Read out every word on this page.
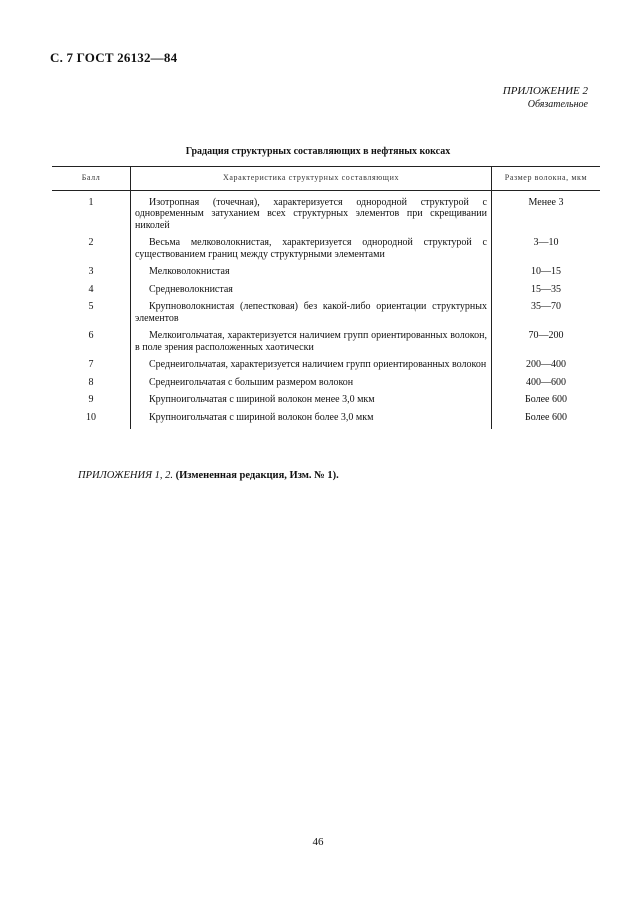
С. 7 ГОСТ 26132—84
ПРИЛОЖЕНИЕ 2
Обязательное
Градация структурных составляющих в нефтяных коксах
Балл	Характеристика структурных составляющих	Размер волокна, мкм
1	Изотропная (точечная), характеризуется однородной структурой с одновременным затуханием всех структурных элементов при скрещивании николей	Менее 3
2	Весьма мелковолокнистая, характеризуется однородной структурой с существованием границ между структурными элементами	3—10
3	Мелковолокнистая	10—15
4	Средневолокнистая	15—35
5	Крупноволокнистая (лепестковая) без какой-либо ориентации структурных элементов	35—70
6	Мелкоигольчатая, характеризуется наличием групп ориентированных волокон, в поле зрения расположенных хаотически	70—200
7	Среднеигольчатая, характеризуется наличием групп ориентированных волокон	200—400
8	Среднеигольчатая с большим размером волокон	400—600
9	Крупноигольчатая с шириной волокон менее 3,0 мкм	Более 600
10	Крупноигольчатая с шириной волокон более 3,0 мкм	Более 600
ПРИЛОЖЕНИЯ 1, 2. (Измененная редакция, Изм. № 1).
46
